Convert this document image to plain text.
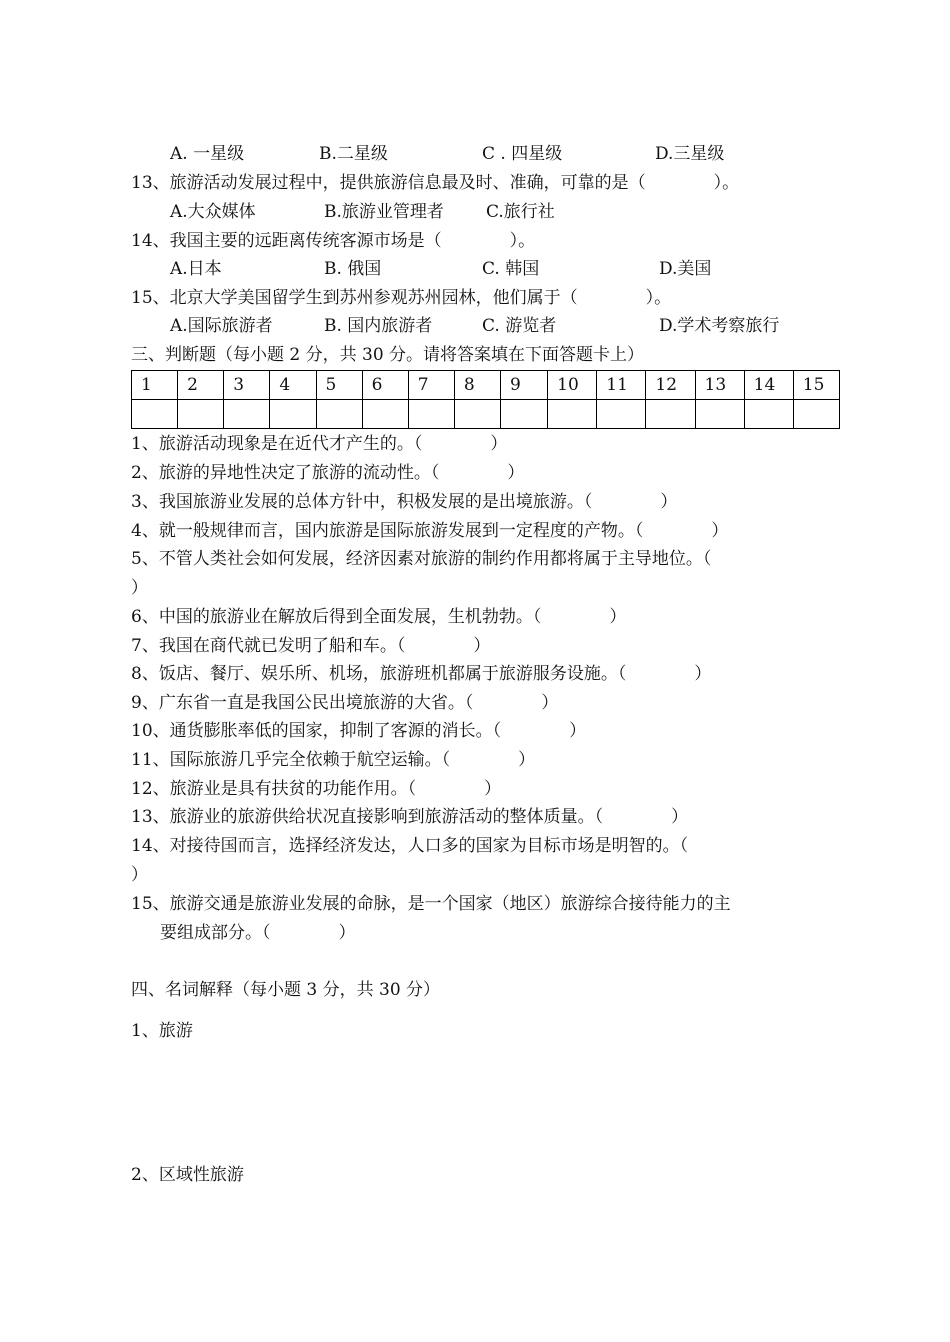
A. 一星级	B.二星级	C . 四星级	D.三星级
13、旅游活动发展过程中，提供旅游信息最及时、准确，可靠的是（　　　　）。
A.大众媒体	B.旅游业管理者 C.旅行社
14、我国主要的远距离传统客源市场是（　　　　）。
A.日本	B. 俄国	C. 韩国	D.美国
15、北京大学美国留学生到苏州参观苏州园林，他们属于（　　　　）。
A.国际旅游者	B. 国内旅游者	C. 游览者	D.学术考察旅行
三、判断题（每小题 2 分，共 30 分。请将答案填在下面答题卡上）
1	2	3	4	5	6	7	8	9	10	11	12	13	14	15

1、旅游活动现象是在近代才产生的。（　　　　）
2、旅游的异地性决定了旅游的流动性。（　　　　）
3、我国旅游业发展的总体方针中，积极发展的是出境旅游。（　　　　）
4、就一般规律而言，国内旅游是国际旅游发展到一定程度的产物。（　　　　）
5、不管人类社会如何发展，经济因素对旅游的制约作用都将属于主导地位。（
）
6、中国的旅游业在解放后得到全面发展，生机勃勃。（　　　　）
7、我国在商代就已发明了船和车。（　　　　）
8、饭店、餐厅、娱乐所、机场，旅游班机都属于旅游服务设施。（　　　　）
9、广东省一直是我国公民出境旅游的大省。（　　　　）
10、通货膨胀率低的国家，抑制了客源的消长。（　　　　）
11、国际旅游几乎完全依赖于航空运输。（　　　　）
12、旅游业是具有扶贫的功能作用。（　　　　）
13、旅游业的旅游供给状况直接影响到旅游活动的整体质量。（　　　　）
14、对接待国而言，选择经济发达，人口多的国家为目标市场是明智的。（
）
15、旅游交通是旅游业发展的命脉，是一个国家（地区）旅游综合接待能力的主
要组成部分。（　　　　）
四、名词解释（每小题 3 分，共 30 分）
1、旅游
2、区域性旅游
